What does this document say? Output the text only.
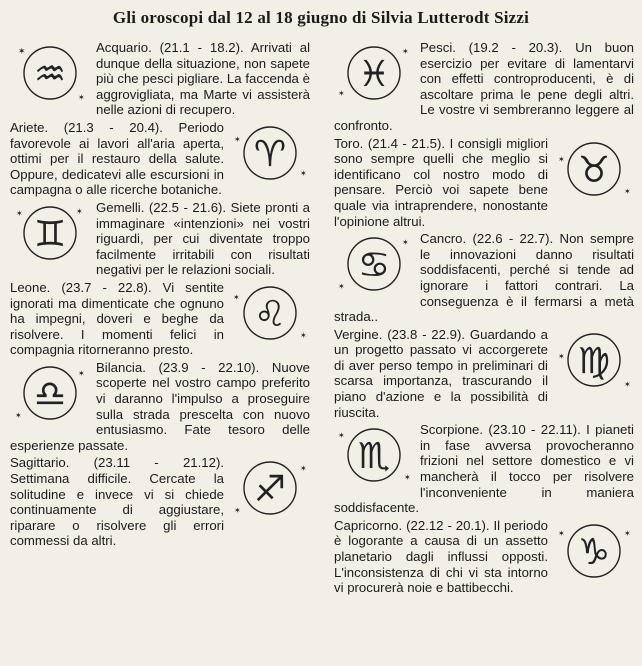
Gli oroscopi dal 12 al 18 giugno di Silvia Lutterodt Sizzi
♒
✶
✶

Acquario. (21.1 - 18.2). Arrivati al dunque della situazione, non sapete più che pesci pigliare. La faccenda è aggrovigliata, ma Marte vi assisterà nelle azioni di recupero.

♈
✶
✶

Ariete. (21.3 - 20.4). Periodo favorevole ai lavori all'aria aperta, ottimi per il restauro della salute. Oppure, dedicatevi alle escursioni in campagna o alle ricerche botaniche.

♊
✶	✶	Gemelli. (22.5 - 21.6). Siete pronti a immaginare «intenzioni» nei vostri riguardi, per cui diventate troppo facilmente irritabili con risultati negativi per le relazioni sociali.

♌
✶
✶

Leone. (23.7 - 22.8). Vi sentite ignorati ma dimenticate che ognuno ha impegni, doveri e beghe da risolvere. I momenti felici in compagnia ritorneranno presto.

♎
✶
✶ Bilancia. (23.9 - 22.10). Nuove scoperte nel vostro campo preferito vi daranno l'impulso a proseguire sulla strada prescelta con nuovo entusiasmo. Fate tesoro delle esperienze passate.

♐
✶
✶

Sagittario. (23.11 - 21.12). Settimana difficile. Cercate la solitudine e invece vi si chiede continuamente di aggiustare, riparare o risolvere gli errori commessi da altri.

♓
✶
✶ Pesci. (19.2 - 20.3). Un buon esercizio per evitare di lamentarvi con effetti controproducenti, è di ascoltare prima le pene degli altri. Le vostre vi sembreranno leggere al confronto.

♉
✶
✶

Toro. (21.4 - 21.5). I consigli migliori sono sempre quelli che meglio si identificano col nostro modo di pensare. Perciò voi sapete bene quale via intraprendere, nonostante l'opinione altrui.

♋
✶
✶ Cancro. (22.6 - 22.7). Non sempre le innovazioni danno risultati soddisfacenti, perché si tende ad ignorare i fattori contrari. La conseguenza è il fermarsi a metà strada..

♍
✶
✶

Vergine. (23.8 - 22.9). Guardando a un progetto passato vi accorgerete di aver perso tempo in preliminari di scarsa importanza, trascurando il piano d'azione e la possibilità di riuscita.

♏
✶
✶

Scorpione. (23.10 - 22.11). I pianeti in fase avversa provocheranno frizioni nel settore domestico e vi mancherà il tocco per risolvere l'inconveniente in maniera soddisfacente.

♑
✶	✶

Capricorno. (22.12 - 20.1). Il periodo è logorante a causa di un assetto planetario dagli influssi opposti. L'inconsistenza di chi vi sta intorno vi procurerà noie e battibecchi.
